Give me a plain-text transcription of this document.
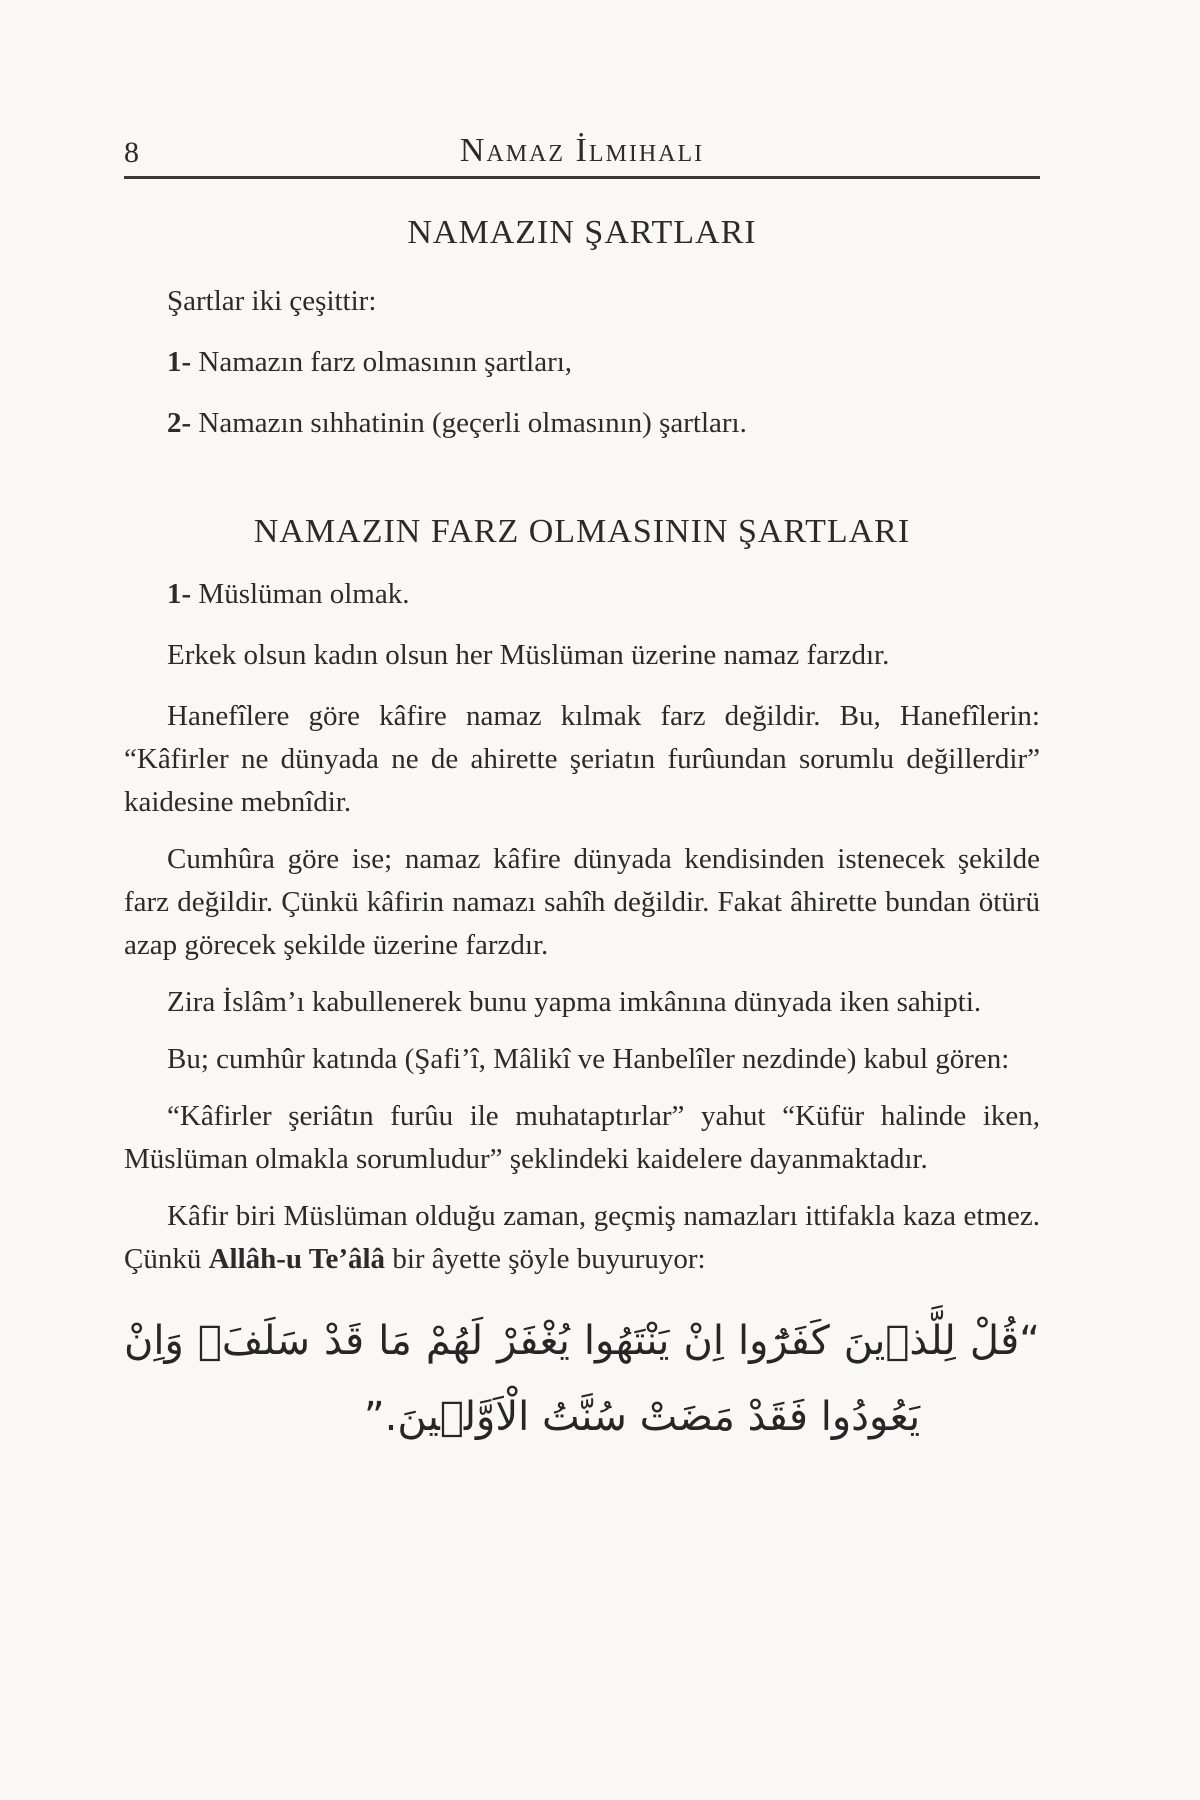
8	Namaz İlmihali
NAMAZIN ŞARTLARI

Şartlar iki çeşittir:

1- Namazın farz olmasının şartları,

2- Namazın sıhhatinin (geçerli olmasının) şartları.

NAMAZIN FARZ OLMASININ ŞARTLARI

1- Müslüman olmak.

Erkek olsun kadın olsun her Müslüman üzerine namaz farzdır.

Hanefîlere göre kâfire namaz kılmak farz değildir. Bu, Hanefîlerin: “Kâfirler ne dünyada ne de ahirette şeriatın furûundan sorumlu değillerdir” kaidesine mebnîdir.

Cumhûra göre ise; namaz kâfire dünyada kendisinden istenecek şekilde farz değildir. Çünkü kâfirin namazı sahîh değildir. Fakat âhirette bundan ötürü azap görecek şekilde üzerine farzdır.

Zira İslâm’ı kabullenerek bunu yapma imkânına dünyada iken sahipti.

Bu; cumhûr katında (Şafi’î, Mâlikî ve Hanbelîler nezdinde) kabul gören:

“Kâfirler şeriâtın furûu ile muhataptırlar” yahut “Küfür halinde iken, Müslüman olmakla sorumludur” şeklindeki kaidelere dayanmaktadır.

Kâfir biri Müslüman olduğu zaman, geçmiş namazları ittifakla kaza etmez. Çünkü Allâh-u Te’âlâ bir âyette şöyle buyuruyor:

“قُلْ لِلَّذٖينَ كَفَرُٓوا اِنْ يَنْتَهُوا يُغْفَرْ لَهُمْ مَا قَدْ سَلَفَۚ وَاِنْ
يَعُودُوا فَقَدْ مَضَتْ سُنَّتُ الْاَوَّلٖينَ.”
